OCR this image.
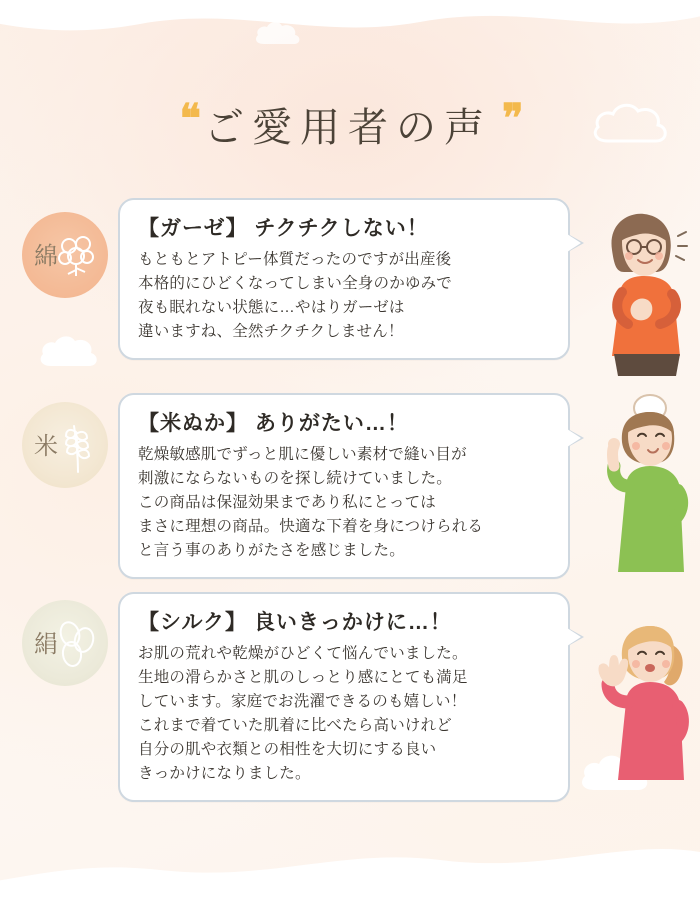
❝ ご愛用者の声 ❞
綿

【ガーゼ】 チクチクしない！

もともとアトピー体質だったのですが出産後
本格的にひどくなってしまい全身のかゆみで
夜も眠れない状態に…やはりガーゼは
違いますね、全然チクチクしません！

米

【米ぬか】 ありがたい…！

乾燥敏感肌でずっと肌に優しい素材で縫い目が
刺激にならないものを探し続けていました。
この商品は保湿効果まであり私にとっては
まさに理想の商品。快適な下着を身につけられる
と言う事のありがたさを感じました。

絹

【シルク】 良いきっかけに…！

お肌の荒れや乾燥がひどくて悩んでいました。
生地の滑らかさと肌のしっとり感にとても満足
しています。家庭でお洗濯できるのも嬉しい！
これまで着ていた肌着に比べたら高いけれど
自分の肌や衣類との相性を大切にする良い
きっかけになりました。
